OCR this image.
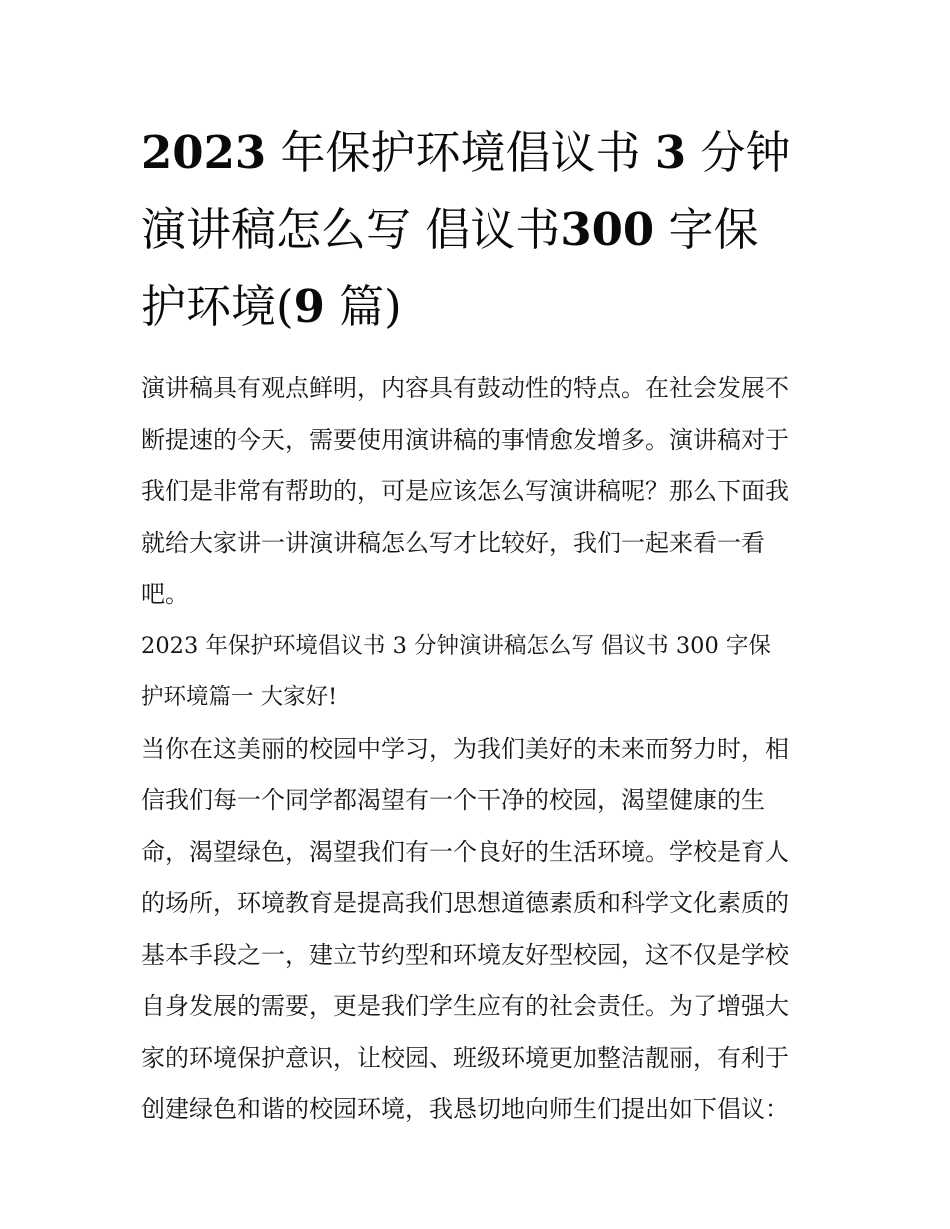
2023 年保护环境倡议书 3 分钟
演讲稿怎么写 倡议书300 字保
护环境(9 篇)

演讲稿具有观点鲜明，内容具有鼓动性的特点。在社会发展不
断提速的今天，需要使用演讲稿的事情愈发增多。演讲稿对于
我们是非常有帮助的，可是应该怎么写演讲稿呢？那么下面我
就给大家讲一讲演讲稿怎么写才比较好，我们一起来看一看
吧。

2023 年保护环境倡议书 3 分钟演讲稿怎么写 倡议书 300 字保
护环境篇一 大家好!

当你在这美丽的校园中学习，为我们美好的未来而努力时，相
信我们每一个同学都渴望有一个干净的校园，渴望健康的生
命，渴望绿色，渴望我们有一个良好的生活环境。学校是育人
的场所，环境教育是提高我们思想道德素质和科学文化素质的
基本手段之一，建立节约型和环境友好型校园，这不仅是学校
自身发展的需要，更是我们学生应有的社会责任。为了增强大
家的环境保护意识，让校园、班级环境更加整洁靓丽，有利于
创建绿色和谐的校园环境，我恳切地向师生们提出如下倡议：
